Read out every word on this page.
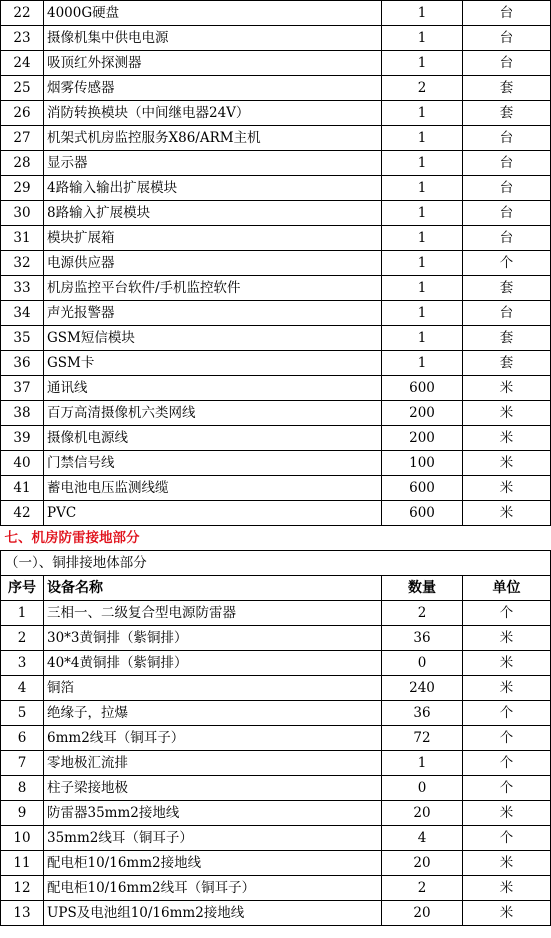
22	4000G硬盘	1	台
23	摄像机集中供电电源	1	台
24	吸顶红外探测器	1	台
25	烟雾传感器	2	套
26	消防转换模块（中间继电器24V）	1	套
27	机架式机房监控服务X86/ARM主机	1	台
28	显示器	1	台
29	4路输入输出扩展模块	1	台
30	8路输入扩展模块	1	台
31	模块扩展箱	1	台
32	电源供应器	1	个
33	机房监控平台软件/手机监控软件	1	套
34	声光报警器	1	台
35	GSM短信模块	1	套
36	GSM卡	1	套
37	通讯线	600	米
38	百万高清摄像机六类网线	200	米
39	摄像机电源线	200	米
40	门禁信号线	100	米
41	蓄电池电压监测线缆	600	米
42	PVC	600	米
七、机房防雷接地部分			
（一）、铜排接地体部分			
序号	设备名称	数量	单位
1	三相一、二级复合型电源防雷器	2	个
2	30*3黄铜排（紫铜排）	36	米
3	40*4黄铜排（紫铜排）	0	米
4	铜箔	240	米
5	绝缘子，拉爆	36	个
6	6mm2线耳（铜耳子）	72	个
7	零地极汇流排	1	个
8	柱子梁接地极	0	个
9	防雷器35mm2接地线	20	米
10	35mm2线耳（铜耳子）	4	个
11	配电柜10/16mm2接地线	20	米
12	配电柜10/16mm2线耳（铜耳子）	2	米
13	UPS及电池组10/16mm2接地线	20	米
